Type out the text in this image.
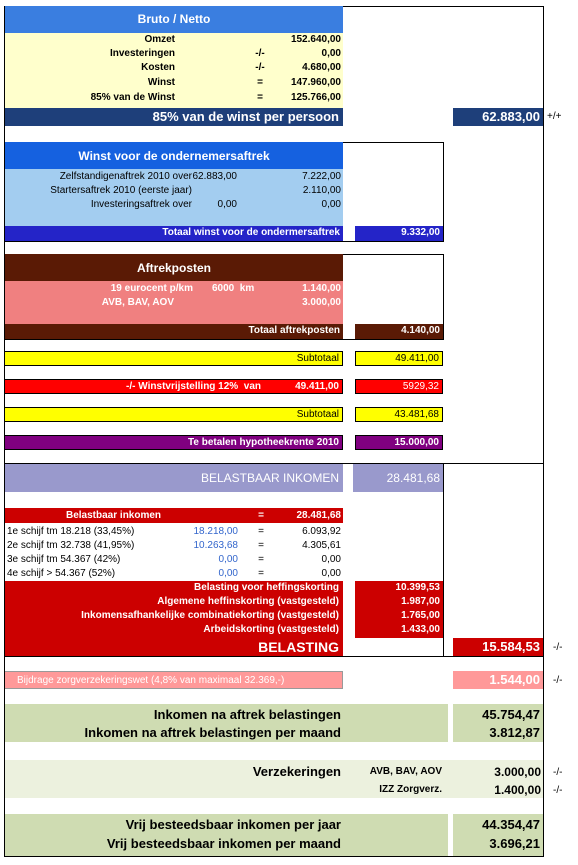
Bruto / Netto
Omzet	152.640,00
Investeringen	-/-	0,00
Kosten	-/-	4.680,00
Winst	=	147.960,00
85% van de Winst	=	125.766,00
85% van de winst per persoon	62.883,00 +/+
Winst voor de ondernemersaftrek
Zelfstandigenaftrek 2010 over 62.883,00	7.222,00
Startersaftrek 2010 (eerste jaar)	2.110,00
Investeringsaftrek over	0,00	0,00
Totaal winst voor de ondermersaftrek	9.332,00
Aftrekposten
19 eurocent p/km 6000  km	1.140,00
AVB, BAV, AOV	3.000,00
Totaal aftrekposten	4.140,00
Subtotaal	49.411,00
-/- Winstvrijstelling 12%  van	49.411,00	5929,32
Subtotaal	43.481,68
Te betalen hypotheekrente 2010	15.000,00
BELASTBAAR INKOMEN	28.481,68
Belastbaar inkomen	=	28.481,68
1e schijf tm 18.218 (33,45%)	18.218,00	=	6.093,92
2e schijf tm 32.738 (41,95%)	10.263,68	=	4.305,61
3e schijf tm 54.367 (42%)	0,00	=	0,00
4e schijf > 54.367 (52%)	0,00	=	0,00
Belasting voor heffingskorting	10.399,53
Algemene heffinskorting (vastgesteld)	1.987,00
Inkomensafhankelijke combinatiekorting (vastgesteld)	1.765,00
Arbeidskorting (vastgesteld)	1.433,00
BELASTING	15.584,53 -/-
Bijdrage zorgverzekeringswet (4,8% van maximaal 32.369,-)	1.544,00 -/-
Inkomen na aftrek belastingen	45.754,47
Inkomen na aftrek belastingen per maand	3.812,87
Verzekeringen	AVB, BAV, AOV	3.000,00 -/-
IZZ Zorgverz.	1.400,00 -/-
Vrij besteedsbaar inkomen per jaar	44.354,47
Vrij besteedsbaar inkomen per maand	3.696,21
